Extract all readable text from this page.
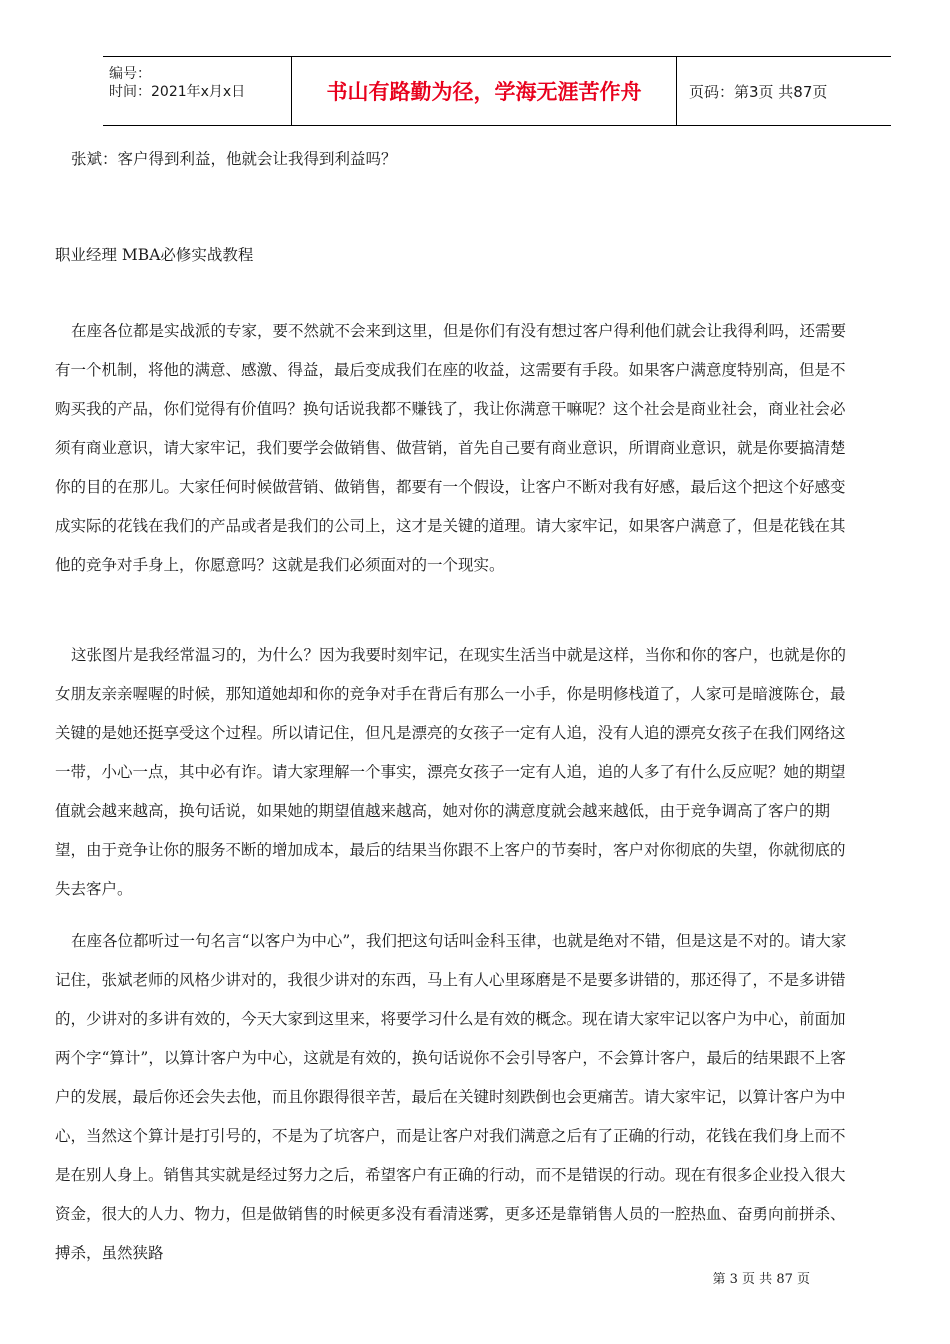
编号：
时间：2021年x月x日	书山有路勤为径，学海无涯苦作舟	页码：第3页 共87页

张斌：客户得到利益，他就会让我得到利益吗？

职业经理 MBA必修实战教程

在座各位都是实战派的专家，要不然就不会来到这里，但是你们有没有想过客户得利他们就会让我得利吗，还需要有一个机制，将他的满意、感激、得益，最后变成我们在座的收益，这需要有手段。如果客户满意度特别高，但是不购买我的产品，你们觉得有价值吗？换句话说我都不赚钱了，我让你满意干嘛呢？这个社会是商业社会，商业社会必须有商业意识，请大家牢记，我们要学会做销售、做营销，首先自己要有商业意识，所谓商业意识，就是你要搞清楚你的目的在那儿。大家任何时候做营销、做销售，都要有一个假设，让客户不断对我有好感，最后这个把这个好感变成实际的花钱在我们的产品或者是我们的公司上，这才是关键的道理。请大家牢记，如果客户满意了，但是花钱在其他的竞争对手身上，你愿意吗？这就是我们必须面对的一个现实。

这张图片是我经常温习的，为什么？因为我要时刻牢记，在现实生活当中就是这样，当你和你的客户，也就是你的女朋友亲亲喔喔的时候，那知道她却和你的竞争对手在背后有那么一小手，你是明修栈道了，人家可是暗渡陈仓，最关键的是她还挺享受这个过程。所以请记住，但凡是漂亮的女孩子一定有人追，没有人追的漂亮女孩子在我们网络这一带，小心一点，其中必有诈。请大家理解一个事实，漂亮女孩子一定有人追，追的人多了有什么反应呢？她的期望值就会越来越高，换句话说，如果她的期望值越来越高，她对你的满意度就会越来越低，由于竞争调高了客户的期望，由于竞争让你的服务不断的增加成本，最后的结果当你跟不上客户的节奏时，客户对你彻底的失望，你就彻底的失去客户。

在座各位都听过一句名言“以客户为中心”，我们把这句话叫金科玉律，也就是绝对不错，但是这是不对的。请大家记住，张斌老师的风格少讲对的，我很少讲对的东西，马上有人心里琢磨是不是要多讲错的，那还得了，不是多讲错的，少讲对的多讲有效的，今天大家到这里来，将要学习什么是有效的概念。现在请大家牢记以客户为中心，前面加两个字“算计”，以算计客户为中心，这就是有效的，换句话说你不会引导客户，不会算计客户，最后的结果跟不上客户的发展，最后你还会失去他，而且你跟得很辛苦，最后在关键时刻跌倒也会更痛苦。请大家牢记，以算计客户为中心，当然这个算计是打引号的，不是为了坑客户，而是让客户对我们满意之后有了正确的行动，花钱在我们身上而不是在别人身上。销售其实就是经过努力之后，希望客户有正确的行动，而不是错误的行动。现在有很多企业投入很大资金，很大的人力、物力，但是做销售的时候更多没有看清迷雾，更多还是靠销售人员的一腔热血、奋勇向前拼杀、搏杀，虽然狭路

第 3 页 共 87 页
